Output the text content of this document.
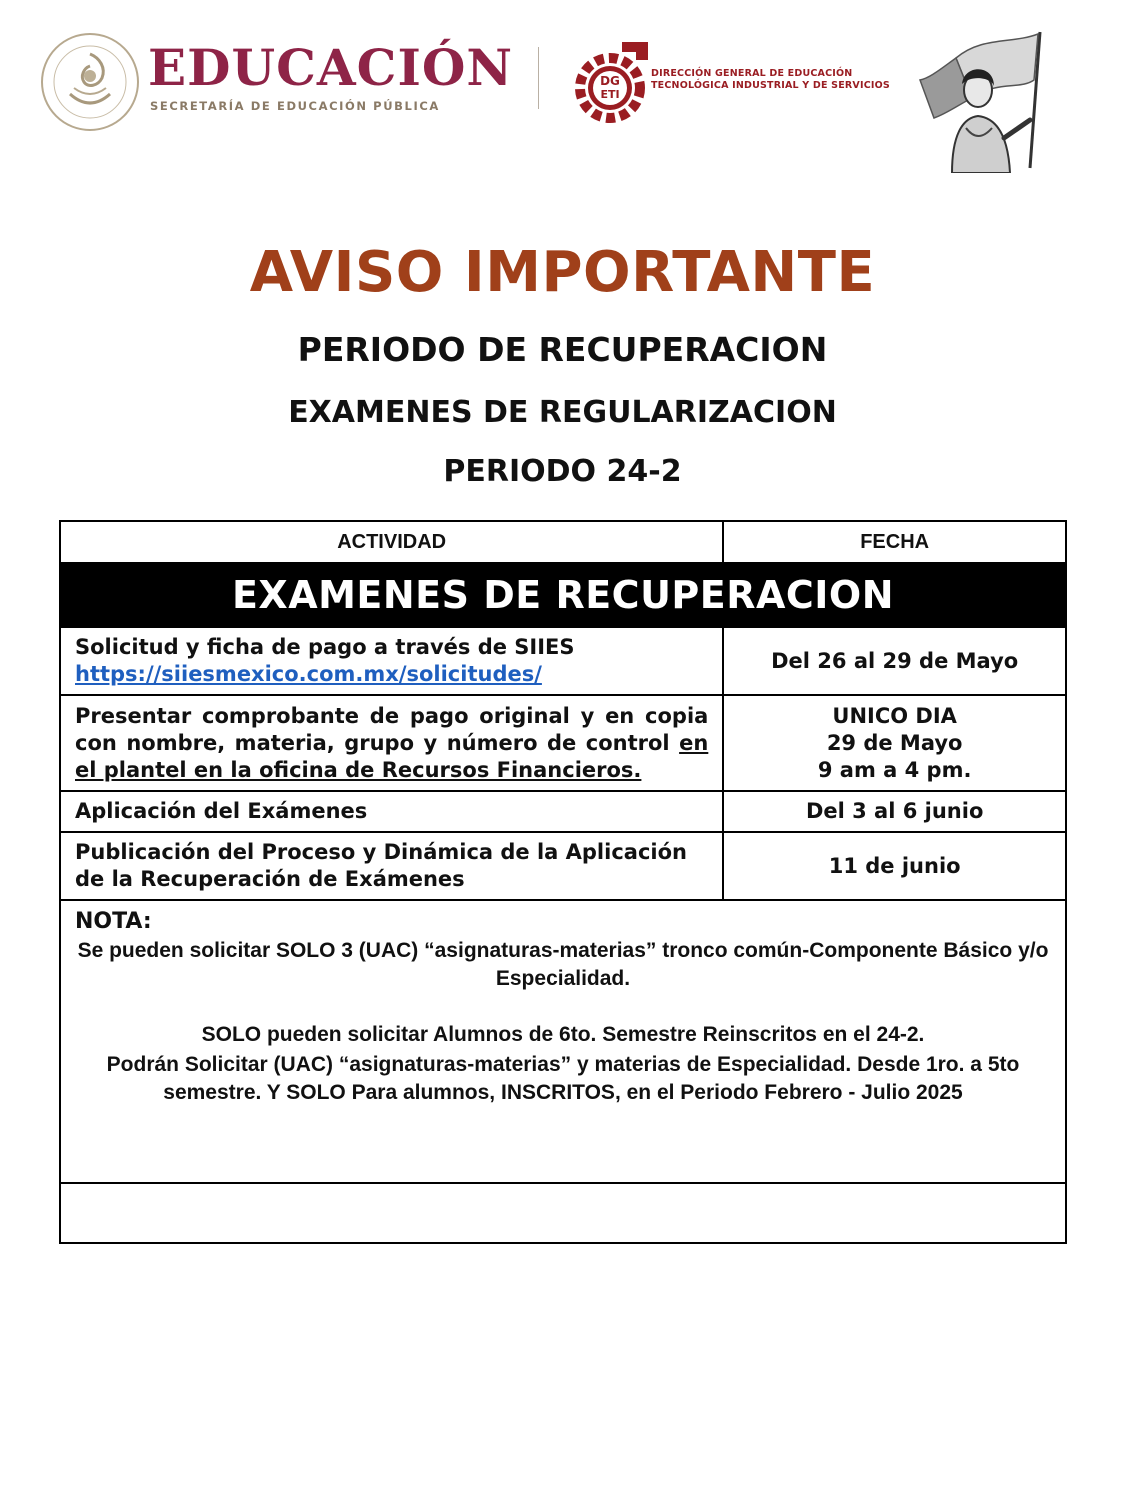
EDUCACIÓN
SECRETARÍA DE EDUCACIÓN PÚBLICA
DG
ETI
DIRECCIÓN GENERAL DE EDUCACIÓN
TECNOLÓGICA INDUSTRIAL Y DE SERVICIOS
AVISO IMPORTANTE
PERIODO DE RECUPERACION
EXAMENES DE REGULARIZACION
PERIODO 24-2
ACTIVIDAD	FECHA
EXAMENES DE RECUPERACION	

Solicitud y ficha de pago a través de SIIES
https://siiesmexico.com.mx/solicitudes/	Del 26 al 29 de Mayo
Presentar comprobante de pago original y en copia con nombre, materia, grupo y número de control en el plantel en la oficina de Recursos Financieros.	UNICO DIA
29 de Mayo
9 am a 4 pm.

Aplicación del Exámenes	Del 3 al 6 junio

Publicación del Proceso y Dinámica de la Aplicación
de la Recuperación de Exámenes	11 de junio

NOTA:
Se pueden solicitar SOLO 3 (UAC) “asignaturas-materias” tronco común-Componente Básico y/o Especialidad.
SOLO pueden solicitar Alumnos de 6to. Semestre Reinscritos en el 24-2.
Podrán Solicitar (UAC) “asignaturas-materias” y materias de Especialidad. Desde 1ro. a 5to semestre. Y SOLO Para alumnos, INSCRITOS, en el Periodo Febrero - Julio 2025	
